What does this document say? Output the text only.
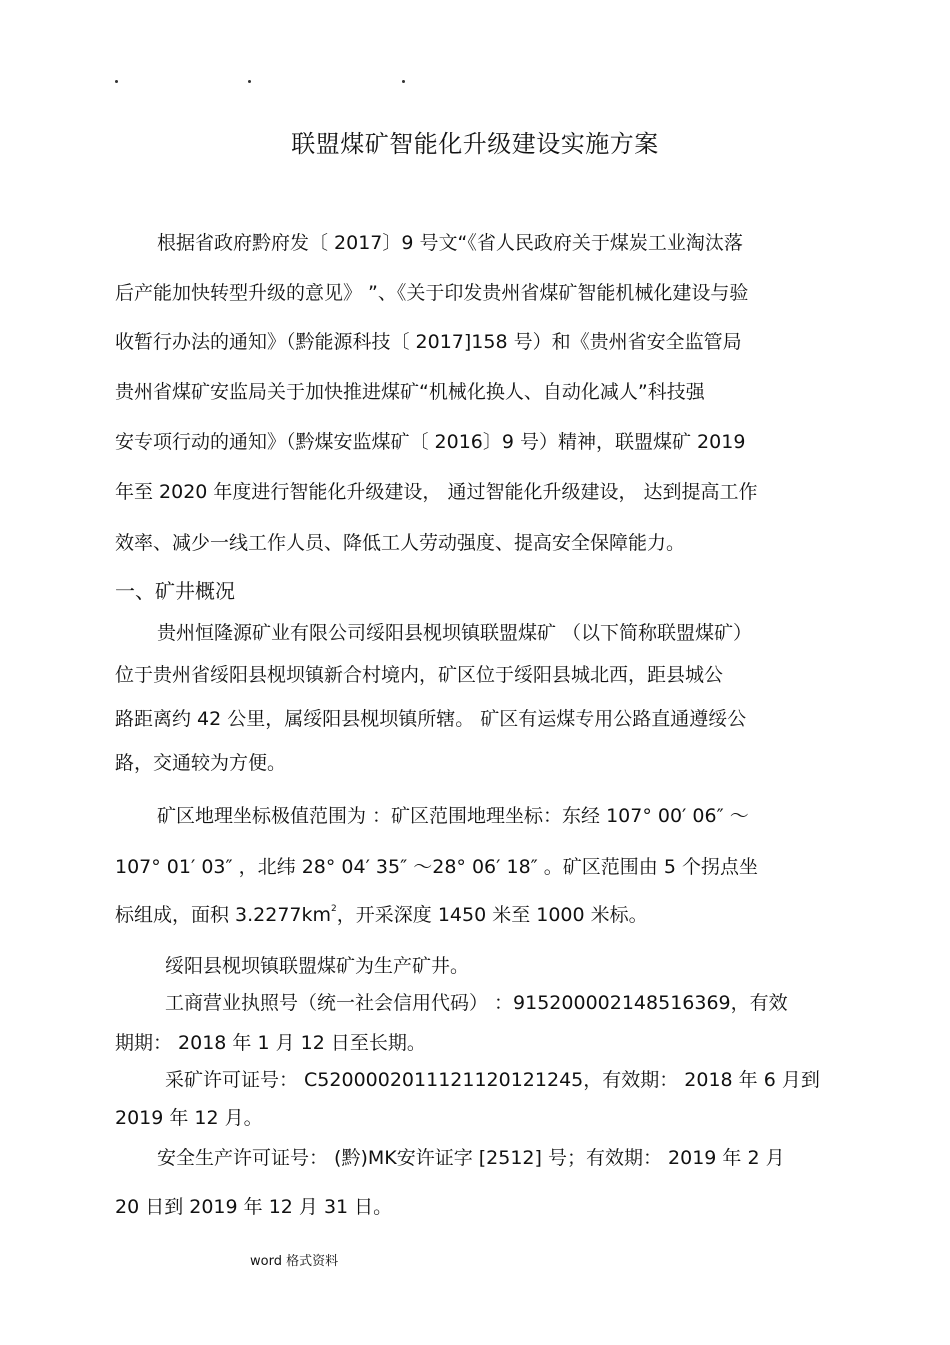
联盟煤矿智能化升级建设实施方案
根据省政府黔府发〔 2017〕9 号文“《省人民政府关于煤炭工业淘汰落
后产能加快转型升级的意见》 ”、《关于印发贵州省煤矿智能机械化建设与验
收暂行办法的通知》（黔能源科技〔 2017]158 号）和《贵州省安全监管局
贵州省煤矿安监局关于加快推进煤矿“机械化换人、自动化减人”科技强
安专项行动的通知》（黔煤安监煤矿〔 2016〕9 号）精神，联盟煤矿 2019
年至 2020 年度进行智能化升级建设， 通过智能化升级建设， 达到提高工作
效率、减少一线工作人员、降低工人劳动强度、提高安全保障能力。
一、矿井概况
贵州恒隆源矿业有限公司绥阳县枧坝镇联盟煤矿 （以下简称联盟煤矿）
位于贵州省绥阳县枧坝镇新合村境内，矿区位于绥阳县城北西，距县城公
路距离约 42 公里，属绥阳县枧坝镇所辖。 矿区有运煤专用公路直通遵绥公
路，交通较为方便。
矿区地理坐标极值范围为 ：矿区范围地理坐标：东经 107° 00′ 06″ ～
107° 01′ 03″ ，北纬 28° 04′ 35″ ～28° 06′ 18″ 。矿区范围由 5 个拐点坐
标组成，面积 $3.2277km^2$，开采深度 1450 米至 1000 米标。
绥阳县枧坝镇联盟煤矿为生产矿井。
工商营业执照号（统一社会信用代码） ：915200002148516369，有效
期期： 2018 年 1 月 12 日至长期。
采矿许可证号： C5200002011121120121245，有效期： 2018 年 6 月到
2019 年 12 月。
安全生产许可证号： (黔)MK安许证字 [2512] 号；有效期： 2019 年 2 月
20 日到 2019 年 12 月 31 日。
word 格式资料
